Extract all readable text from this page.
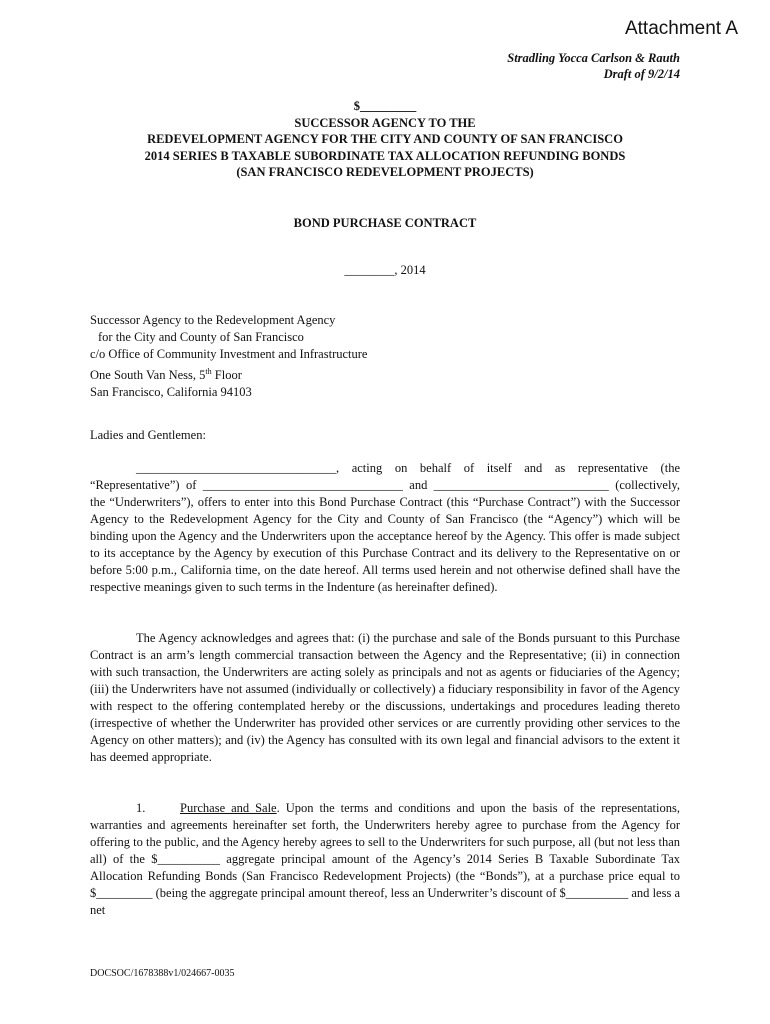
Attachment A
Stradling Yocca Carlson & Rauth
Draft of 9/2/14
$_________
SUCCESSOR AGENCY TO THE
REDEVELOPMENT AGENCY FOR THE CITY AND COUNTY OF SAN FRANCISCO
2014 SERIES B TAXABLE SUBORDINATE TAX ALLOCATION REFUNDING BONDS
(SAN FRANCISCO REDEVELOPMENT PROJECTS)
BOND PURCHASE CONTRACT
________, 2014
Successor Agency to the Redevelopment Agency
for the City and County of San Francisco
c/o Office of Community Investment and Infrastructure
One South Van Ness, 5th Floor
San Francisco, California 94103
Ladies and Gentlemen:

________________________________, acting on behalf of itself and as representative (the “Representative”) of ________________________________ and ____________________________ (collectively, the “Underwriters”), offers to enter into this Bond Purchase Contract (this “Purchase Contract”) with the Successor Agency to the Redevelopment Agency for the City and County of San Francisco (the “Agency”) which will be binding upon the Agency and the Underwriters upon the acceptance hereof by the Agency. This offer is made subject to its acceptance by the Agency by execution of this Purchase Contract and its delivery to the Representative on or before 5:00 p.m., California time, on the date hereof. All terms used herein and not otherwise defined shall have the respective meanings given to such terms in the Indenture (as hereinafter defined).

The Agency acknowledges and agrees that: (i) the purchase and sale of the Bonds pursuant to this Purchase Contract is an arm’s length commercial transaction between the Agency and the Representative; (ii) in connection with such transaction, the Underwriters are acting solely as principals and not as agents or fiduciaries of the Agency; (iii) the Underwriters have not assumed (individually or collectively) a fiduciary responsibility in favor of the Agency with respect to the offering contemplated hereby or the discussions, undertakings and procedures leading thereto (irrespective of whether the Underwriter has provided other services or are currently providing other services to the Agency on other matters); and (iv) the Agency has consulted with its own legal and financial advisors to the extent it has deemed appropriate.

1.	Purchase and Sale. Upon the terms and conditions and upon the basis of the representations, warranties and agreements hereinafter set forth, the Underwriters hereby agree to purchase from the Agency for offering to the public, and the Agency hereby agrees to sell to the Underwriters for such purpose, all (but not less than all) of the $__________ aggregate principal amount of the Agency’s 2014 Series B Taxable Subordinate Tax Allocation Refunding Bonds (San Francisco Redevelopment Projects) (the “Bonds”), at a purchase price equal to $_________ (being the aggregate principal amount thereof, less an Underwriter’s discount of $__________ and less a net

DOCSOC/1678388v1/024667-0035
